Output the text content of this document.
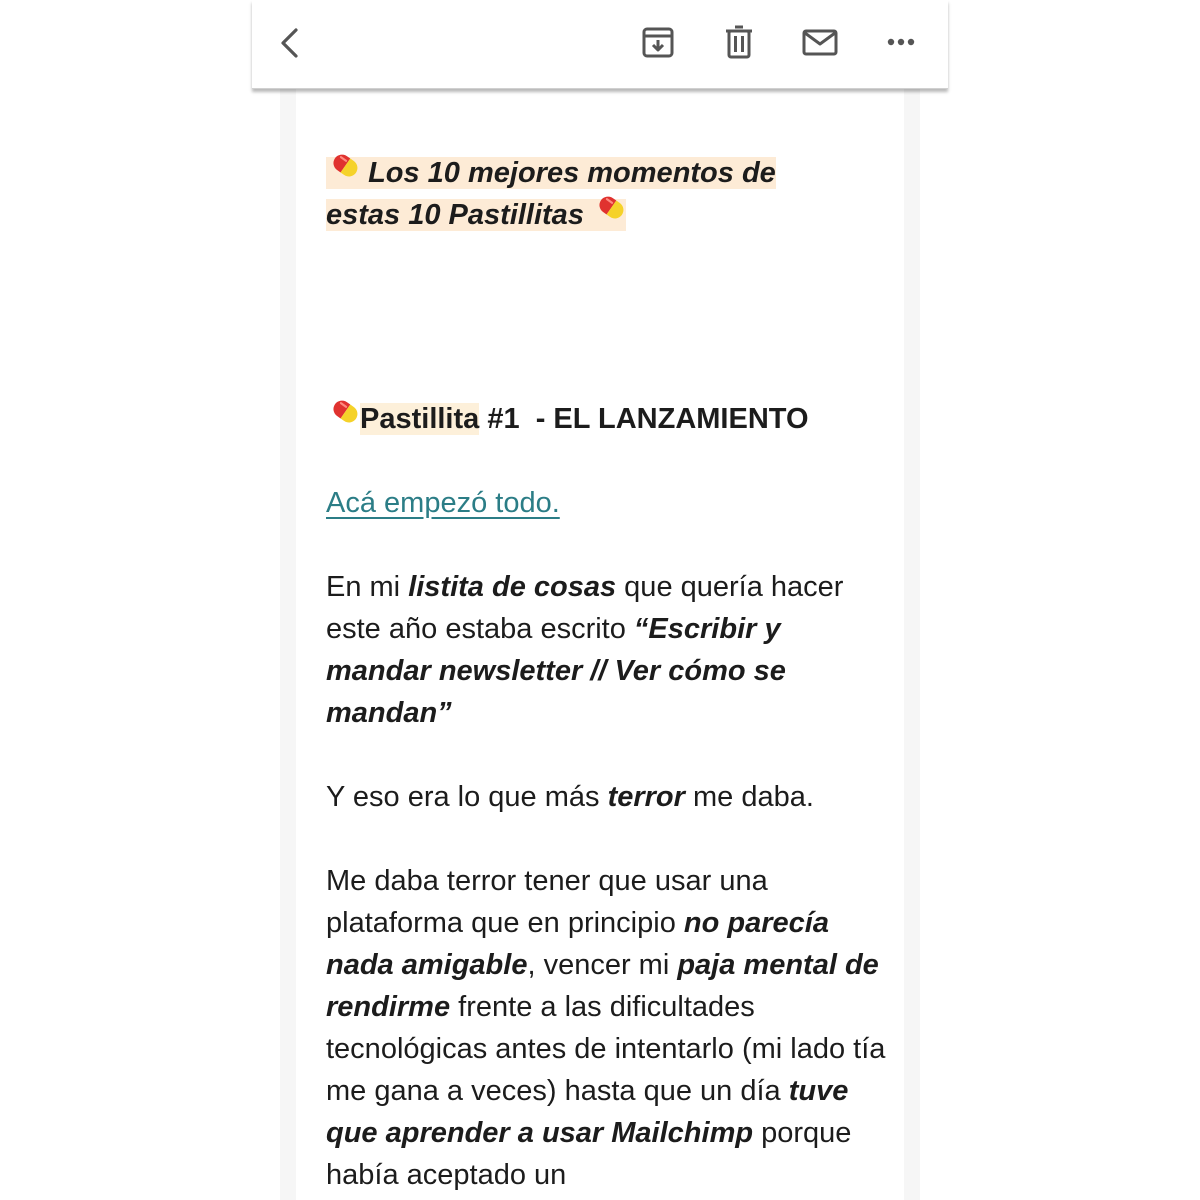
Los 10 mejores momentos de
estas 10 Pastillitas
Pastillita #1  - EL LANZAMIENTO
Acá empezó todo.
En mi listita de cosas que quería hacer este año estaba escrito “Escribir y mandar newsletter // Ver cómo se mandan”
Y eso era lo que más terror me daba.
Me daba terror tener que usar una plataforma que en principio no parecía nada amigable, vencer mi paja mental de rendirme frente a las dificultades tecnológicas antes de intentarlo (mi lado tía me gana a veces) hasta que un día tuve que aprender a usar Mailchimp porque había aceptado un
